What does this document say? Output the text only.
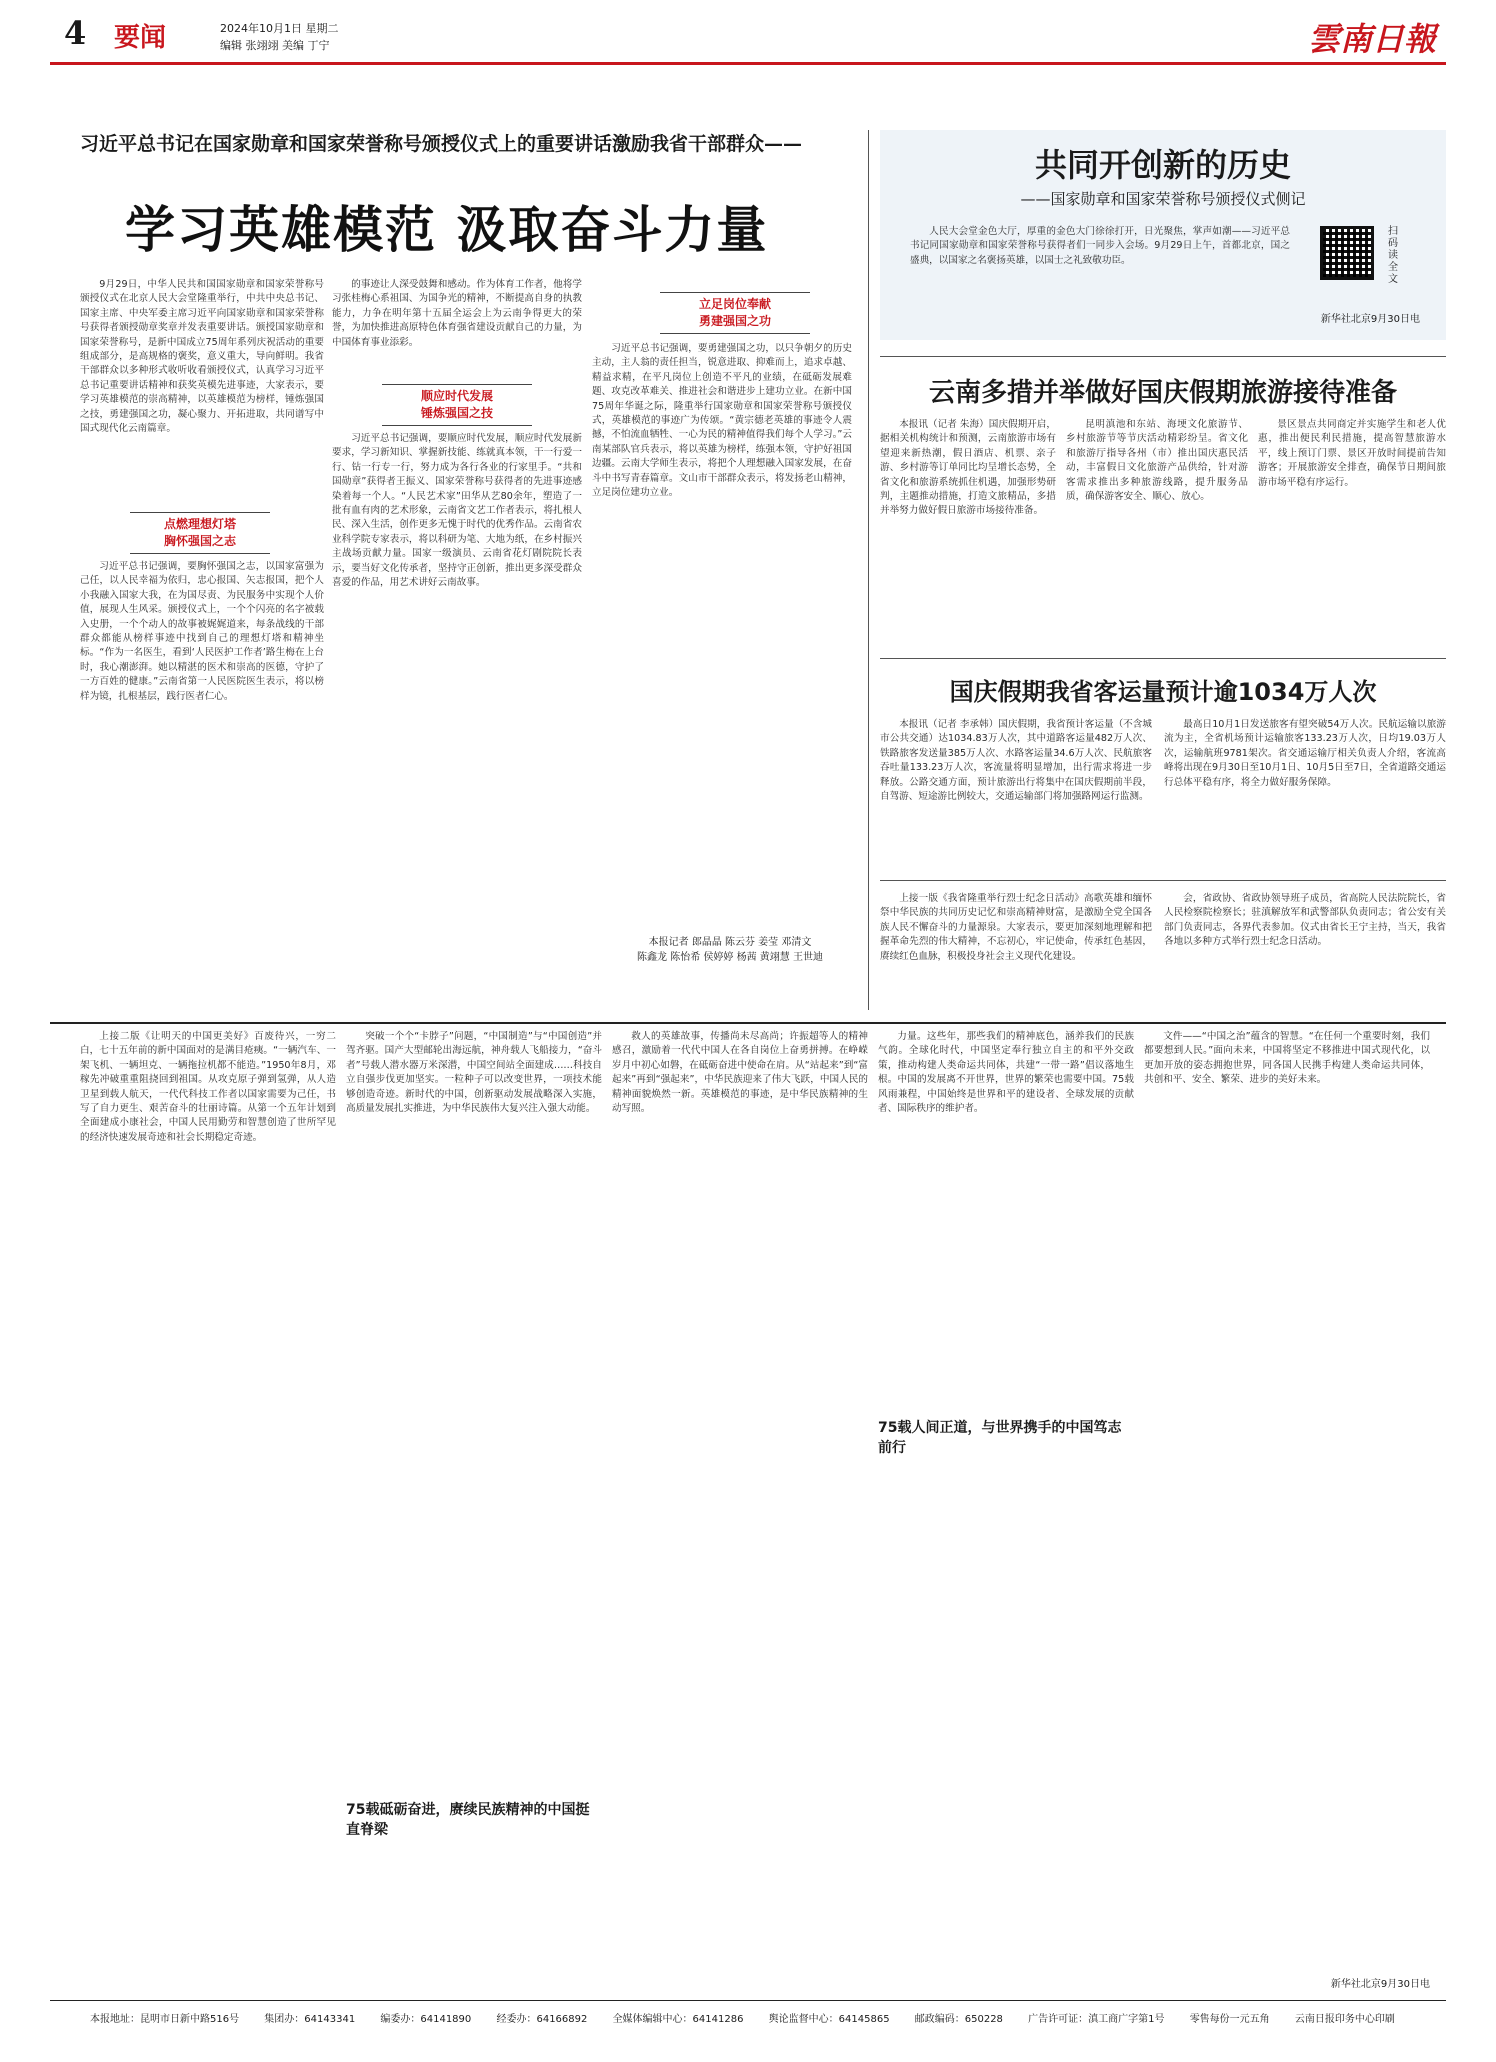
4 要闻	2024年10月1日 星期二
编辑 张翊翊 美编 丁宁	雲南日報
习近平总书记在国家勋章和国家荣誉称号颁授仪式上的重要讲话激励我省干部群众——
学习英雄模范 汲取奋斗力量
9月29日，中华人民共和国国家勋章和国家荣誉称号颁授仪式在北京人民大会堂隆重举行，中共中央总书记、国家主席、中央军委主席习近平向国家勋章和国家荣誉称号获得者颁授勋章奖章并发表重要讲话。颁授国家勋章和国家荣誉称号，是新中国成立75周年系列庆祝活动的重要组成部分，是高规格的褒奖，意义重大，导向鲜明。我省干部群众以多种形式收听收看颁授仪式，认真学习习近平总书记重要讲话精神和获奖英模先进事迹，大家表示，要学习英雄模范的崇高精神，以英雄模范为榜样，锤炼强国之技，勇建强国之功，凝心聚力、开拓进取，共同谱写中国式现代化云南篇章。
点燃理想灯塔
胸怀强国之志
习近平总书记强调，要胸怀强国之志，以国家富强为己任，以人民幸福为依归，忠心报国、矢志报国，把个人小我融入国家大我，在为国尽责、为民服务中实现个人价值，展现人生风采。颁授仪式上，一个个闪亮的名字被载入史册，一个个动人的故事被娓娓道来，每条战线的干部群众都能从榜样事迹中找到自己的理想灯塔和精神坐标。“作为一名医生，看到‘人民医护工作者’路生梅在上台时，我心潮澎湃。她以精湛的医术和崇高的医德，守护了一方百姓的健康。”云南省第一人民医院医生表示，将以榜样为镜，扎根基层，践行医者仁心。
的事迹让人深受鼓舞和感动。作为体育工作者，他将学习张桂梅心系祖国、为国争光的精神，不断提高自身的执教能力，力争在明年第十五届全运会上为云南争得更大的荣誉，为加快推进高原特色体育强省建设贡献自己的力量，为中国体育事业添彩。
顺应时代发展
锤炼强国之技
习近平总书记强调，要顺应时代发展，顺应时代发展新要求，学习新知识、掌握新技能、练就真本领，干一行爱一行、钻一行专一行，努力成为各行各业的行家里手。“共和国勋章”获得者王振义、国家荣誉称号获得者的先进事迹感染着每一个人。“人民艺术家”田华从艺80余年，塑造了一批有血有肉的艺术形象，云南省文艺工作者表示，将扎根人民、深入生活，创作更多无愧于时代的优秀作品。云南省农业科学院专家表示，将以科研为笔、大地为纸，在乡村振兴主战场贡献力量。国家一级演员、云南省花灯剧院院长表示，要当好文化传承者，坚持守正创新，推出更多深受群众喜爱的作品，用艺术讲好云南故事。
立足岗位奉献
勇建强国之功
习近平总书记强调，要勇建强国之功，以只争朝夕的历史主动，主人翁的责任担当，锐意进取、抑难而上，追求卓越、精益求精，在平凡岗位上创造不平凡的业绩，在砥砺发展难题、攻克改革难关、推进社会和谐进步上建功立业。在新中国75周年华诞之际，隆重举行国家勋章和国家荣誉称号颁授仪式，英雄模范的事迹广为传颂。“黄宗德老英雄的事迹令人震撼，不怕流血牺牲、一心为民的精神值得我们每个人学习。”云南某部队官兵表示，将以英雄为榜样，练强本领，守护好祖国边疆。云南大学师生表示，将把个人理想融入国家发展，在奋斗中书写青春篇章。文山市干部群众表示，将发扬老山精神，立足岗位建功立业。
本报记者 郎晶晶 陈云芬 姜莹 邓清文
陈鑫龙 陈怡希 侯婷婷 杨茜 黄翊慧 王世迪
共同开创新的历史
——国家勋章和国家荣誉称号颁授仪式侧记
人民大会堂金色大厅，厚重的金色大门徐徐打开，日光聚焦，掌声如潮——习近平总书记同国家勋章和国家荣誉称号获得者们一同步入会场。9月29日上午，首都北京，国之盛典，以国家之名褒扬英雄，以国士之礼致敬功臣。
扫码读全文
新华社北京9月30日电
云南多措并举做好国庆假期旅游接待准备
本报讯（记者 朱海）国庆假期开启，据相关机构统计和预测，云南旅游市场有望迎来新热潮，假日酒店、机票、亲子游、乡村游等订单同比均呈增长态势，全省文化和旅游系统抓住机遇，加强形势研判，主题推动措施，打造文旅精品，多措并举努力做好假日旅游市场接待准备。
昆明滇池和东站、海埂文化旅游节、乡村旅游节等节庆活动精彩纷呈。省文化和旅游厅指导各州（市）推出国庆惠民活动，丰富假日文化旅游产品供给，针对游客需求推出多种旅游线路，提升服务品质，确保游客安全、顺心、放心。
景区景点共同商定并实施学生和老人优惠，推出便民利民措施，提高智慧旅游水平，线上预订门票、景区开放时间提前告知游客；开展旅游安全排查，确保节日期间旅游市场平稳有序运行。
国庆假期我省客运量预计逾1034万人次
本报讯（记者 李承韩）国庆假期，我省预计客运量（不含城市公共交通）达1034.83万人次，其中道路客运量482万人次、铁路旅客发送量385万人次、水路客运量34.6万人次、民航旅客吞吐量133.23万人次，客流量将明显增加，出行需求将进一步释放。公路交通方面，预计旅游出行将集中在国庆假期前半段，自驾游、短途游比例较大，交通运输部门将加强路网运行监测。
最高日10月1日发送旅客有望突破54万人次。民航运输以旅游流为主，全省机场预计运输旅客133.23万人次，日均19.03万人次，运输航班9781架次。省交通运输厅相关负责人介绍，客流高峰将出现在9月30日至10月1日、10月5日至7日，全省道路交通运行总体平稳有序，将全力做好服务保障。
上接一版《我省隆重举行烈士纪念日活动》高歌英雄和缅怀祭中华民族的共同历史记忆和崇高精神财富，是激励全党全国各族人民不懈奋斗的力量源泉。大家表示，要更加深刻地理解和把握革命先烈的伟大精神，不忘初心，牢记使命，传承红色基因，赓续红色血脉，积极投身社会主义现代化建设。
会，省政协、省政协领导班子成员，省高院人民法院院长，省人民检察院检察长；驻滇解放军和武警部队负责同志；省公安有关部门负责同志，各界代表参加。仪式由省长王宁主持，当天，我省各地以多种方式举行烈士纪念日活动。
上接二版《让明天的中国更美好》百废待兴，一穷二白，七十五年前的新中国面对的是满目疮痍。“一辆汽车、一架飞机、一辆坦克、一辆拖拉机都不能造。”1950年8月，邓稼先冲破重重阻挠回到祖国。从攻克原子弹到氢弹，从人造卫星到载人航天，一代代科技工作者以国家需要为己任，书写了自力更生、艰苦奋斗的壮丽诗篇。从第一个五年计划到全面建成小康社会，中国人民用勤劳和智慧创造了世所罕见的经济快速发展奇迹和社会长期稳定奇迹。
突破一个个“卡脖子”问题，“中国制造”与“中国创造”并驾齐驱。国产大型邮轮出海远航，神舟载人飞船接力，“奋斗者”号载人潜水器万米深潜，中国空间站全面建成……科技自立自强步伐更加坚实。一粒种子可以改变世界，一项技术能够创造奇迹。新时代的中国，创新驱动发展战略深入实施，高质量发展扎实推进，为中华民族伟大复兴注入强大动能。
75载砥砺奋进，赓续民族精神的中国挺直脊梁
救人的英雄故事，传播尚未尽高尚；许振超等人的精神感召，激励着一代代中国人在各自岗位上奋勇拼搏。在峥嵘岁月中初心如磐，在砥砺奋进中使命在肩。从“站起来”到“富起来”再到“强起来”，中华民族迎来了伟大飞跃，中国人民的精神面貌焕然一新。英雄模范的事迹，是中华民族精神的生动写照。
力量。这些年，那些我们的精神底色，涵养我们的民族气韵。全球化时代，中国坚定奉行独立自主的和平外交政策，推动构建人类命运共同体，共建“一带一路”倡议落地生根。中国的发展离不开世界，世界的繁荣也需要中国。75载风雨兼程，中国始终是世界和平的建设者、全球发展的贡献者、国际秩序的维护者。
75载人间正道，与世界携手的中国笃志前行
文件——“中国之治”蕴含的智慧。“在任何一个重要时刻，我们都要想到人民。”面向未来，中国将坚定不移推进中国式现代化，以更加开放的姿态拥抱世界，同各国人民携手构建人类命运共同体，共创和平、安全、繁荣、进步的美好未来。
新华社北京9月30日电
本报地址：昆明市日新中路516号	集团办：64143341	编委办：64141890	经委办：64166892	全媒体编辑中心：64141286	舆论监督中心：64145865	邮政编码：650228	广告许可证：滇工商广字第1号	零售每份一元五角	云南日报印务中心印刷
